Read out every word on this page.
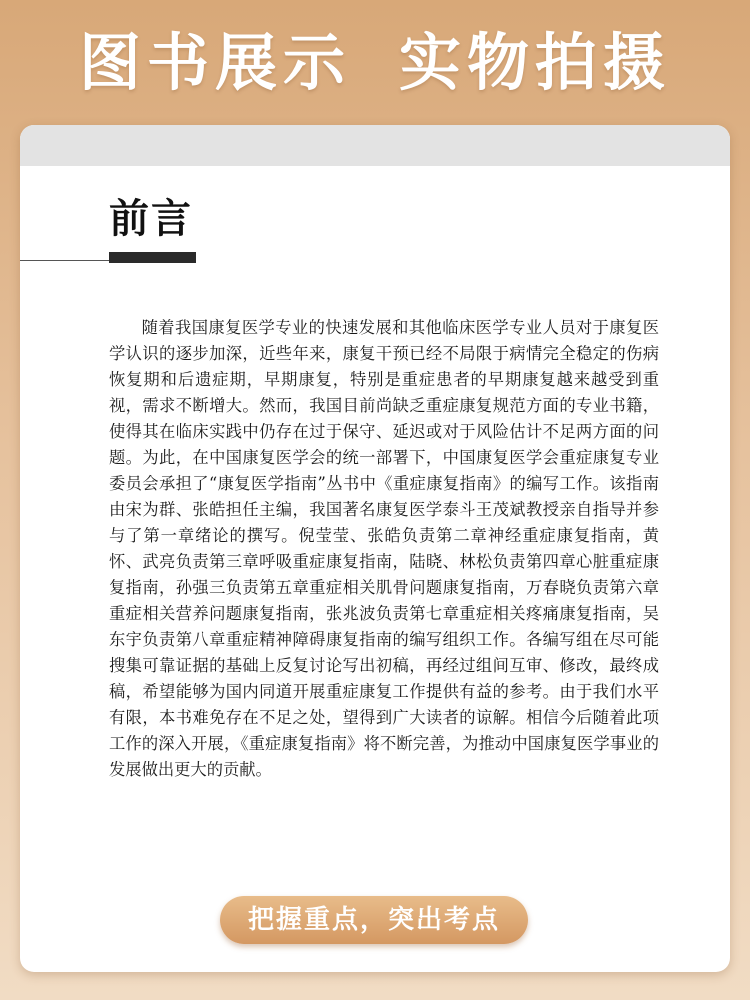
图书展示 实物拍摄
前言

随着我国康复医学专业的快速发展和其他临床医学专业人员对于康复医学认识的逐步加深，近些年来，康复干预已经不局限于病情完全稳定的伤病恢复期和后遗症期，早期康复，特别是重症患者的早期康复越来越受到重视，需求不断增大。然而，我国目前尚缺乏重症康复规范方面的专业书籍，使得其在临床实践中仍存在过于保守、延迟或对于风险估计不足两方面的问题。为此，在中国康复医学会的统一部署下，中国康复医学会重症康复专业委员会承担了“康复医学指南”丛书中《重症康复指南》的编写工作。该指南由宋为群、张皓担任主编，我国著名康复医学泰斗王茂斌教授亲自指导并参与了第一章绪论的撰写。倪莹莹、张皓负责第二章神经重症康复指南，黄怀、武亮负责第三章呼吸重症康复指南，陆晓、林松负责第四章心脏重症康复指南，孙强三负责第五章重症相关肌骨问题康复指南，万春晓负责第六章重症相关营养问题康复指南，张兆波负责第七章重症相关疼痛康复指南，吴东宇负责第八章重症精神障碍康复指南的编写组织工作。各编写组在尽可能搜集可靠证据的基础上反复讨论写出初稿，再经过组间互审、修改，最终成稿，希望能够为国内同道开展重症康复工作提供有益的参考。由于我们水平有限，本书难免存在不足之处，望得到广大读者的谅解。相信今后随着此项工作的深入开展，《重症康复指南》将不断完善，为推动中国康复医学事业的发展做出更大的贡献。

把握重点，突出考点
